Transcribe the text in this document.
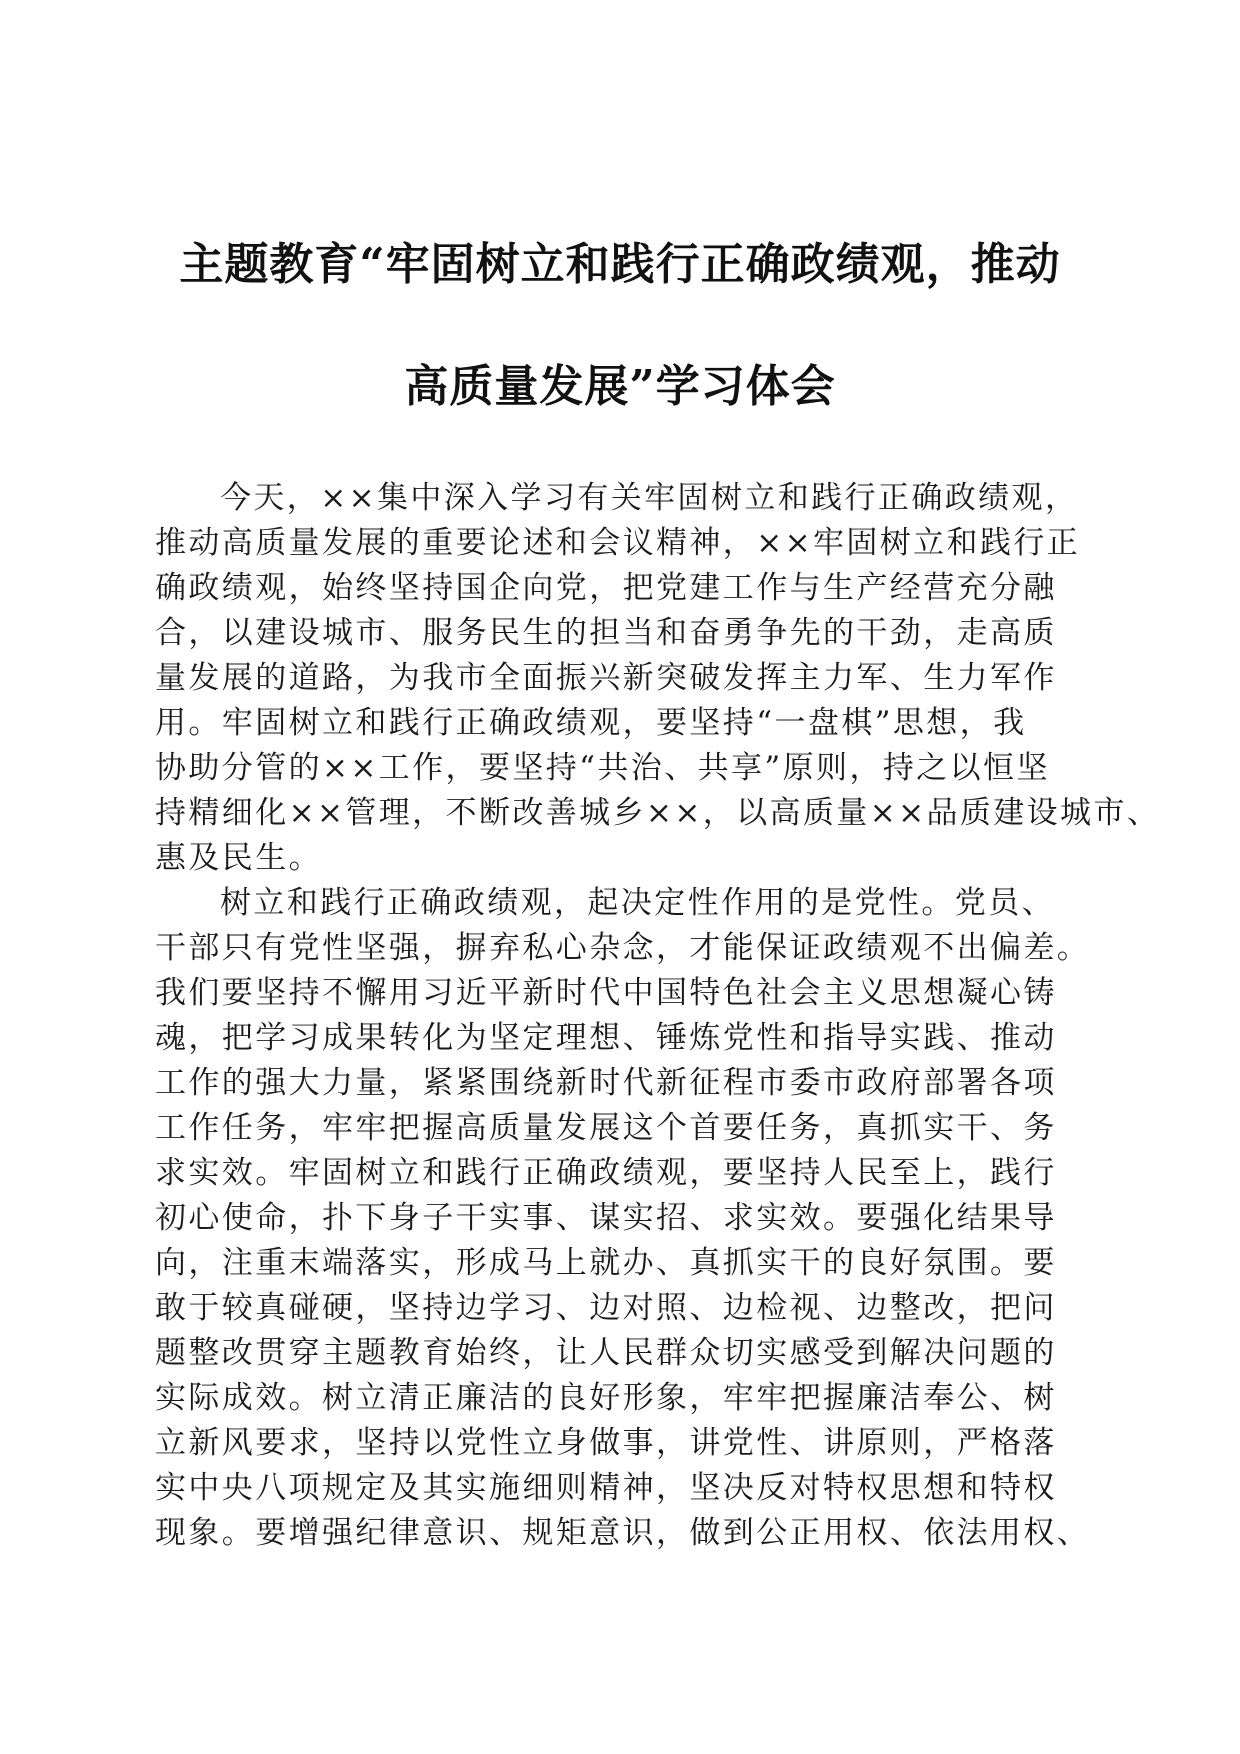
主题教育“牢固树立和践行正确政绩观，推动
高质量发展”学习体会
今天，××集中深入学习有关牢固树立和践行正确政绩观，
推动高质量发展的重要论述和会议精神，××牢固树立和践行正
确政绩观，始终坚持国企向党，把党建工作与生产经营充分融
合，以建设城市、服务民生的担当和奋勇争先的干劲，走高质
量发展的道路，为我市全面振兴新突破发挥主力军、生力军作
用。牢固树立和践行正确政绩观，要坚持“一盘棋”思想，我
协助分管的××工作，要坚持“共治、共享”原则，持之以恒坚
持精细化××管理，不断改善城乡××，以高质量××品质建设城市、
惠及民生。
树立和践行正确政绩观，起决定性作用的是党性。党员、
干部只有党性坚强，摒弃私心杂念，才能保证政绩观不出偏差。
我们要坚持不懈用习近平新时代中国特色社会主义思想凝心铸
魂，把学习成果转化为坚定理想、锤炼党性和指导实践、推动
工作的强大力量，紧紧围绕新时代新征程市委市政府部署各项
工作任务，牢牢把握高质量发展这个首要任务，真抓实干、务
求实效。牢固树立和践行正确政绩观，要坚持人民至上，践行
初心使命，扑下身子干实事、谋实招、求实效。要强化结果导
向，注重末端落实，形成马上就办、真抓实干的良好氛围。要
敢于较真碰硬，坚持边学习、边对照、边检视、边整改，把问
题整改贯穿主题教育始终，让人民群众切实感受到解决问题的
实际成效。树立清正廉洁的良好形象，牢牢把握廉洁奉公、树
立新风要求，坚持以党性立身做事，讲党性、讲原则，严格落
实中央八项规定及其实施细则精神，坚决反对特权思想和特权
现象。要增强纪律意识、规矩意识，做到公正用权、依法用权、
